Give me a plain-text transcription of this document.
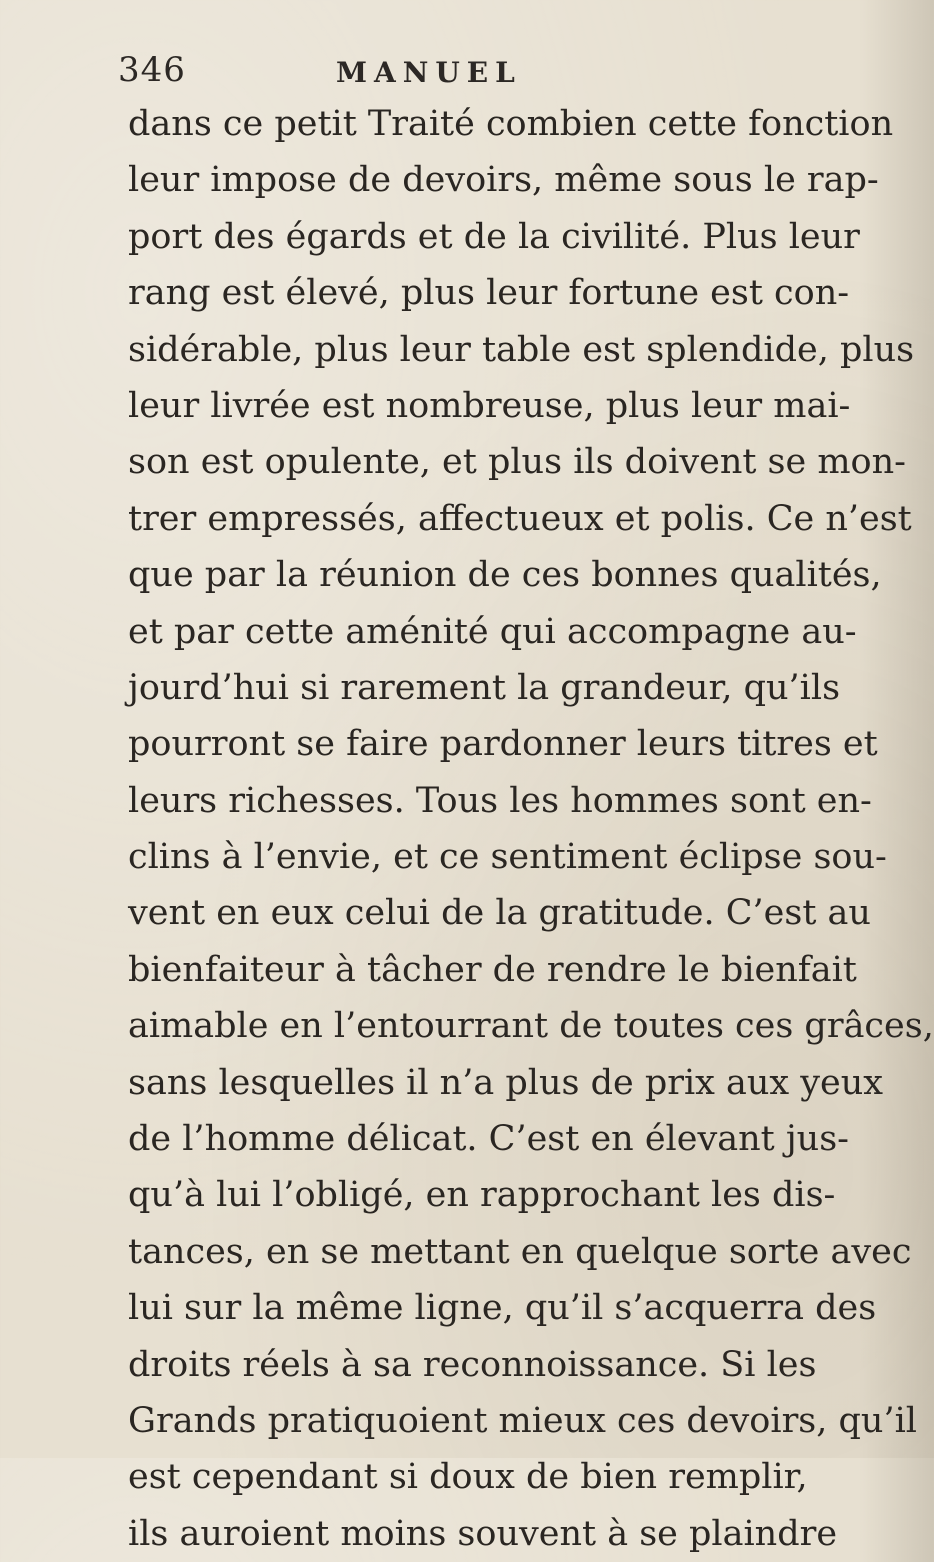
346	MANUEL
dans ce petit Traité combien cette fonction
leur impose de devoirs, même sous le rap-
port des égards et de la civilité. Plus leur
rang est élevé, plus leur fortune est con-
sidérable, plus leur table est splendide, plus
leur livrée est nombreuse, plus leur mai-
son est opulente, et plus ils doivent se mon-
trer empressés, affectueux et polis. Ce n’est
que par la réunion de ces bonnes qualités,
et par cette aménité qui accompagne au-
jourd’hui si rarement la grandeur, qu’ils
pourront se faire pardonner leurs titres et
leurs richesses. Tous les hommes sont en-
clins à l’envie, et ce sentiment éclipse sou-
vent en eux celui de la gratitude. C’est au
bienfaiteur à tâcher de rendre le bienfait
aimable en l’entourrant de toutes ces grâces,
sans lesquelles il n’a plus de prix aux yeux
de l’homme délicat. C’est en élevant jus-
qu’à lui l’obligé, en rapprochant les dis-
tances, en se mettant en quelque sorte avec
lui sur la même ligne, qu’il s’acquerra des
droits réels à sa reconnoissance. Si les
Grands pratiquoient mieux ces devoirs, qu’il
est cependant si doux de bien remplir,
ils auroient moins souvent à se plaindre
